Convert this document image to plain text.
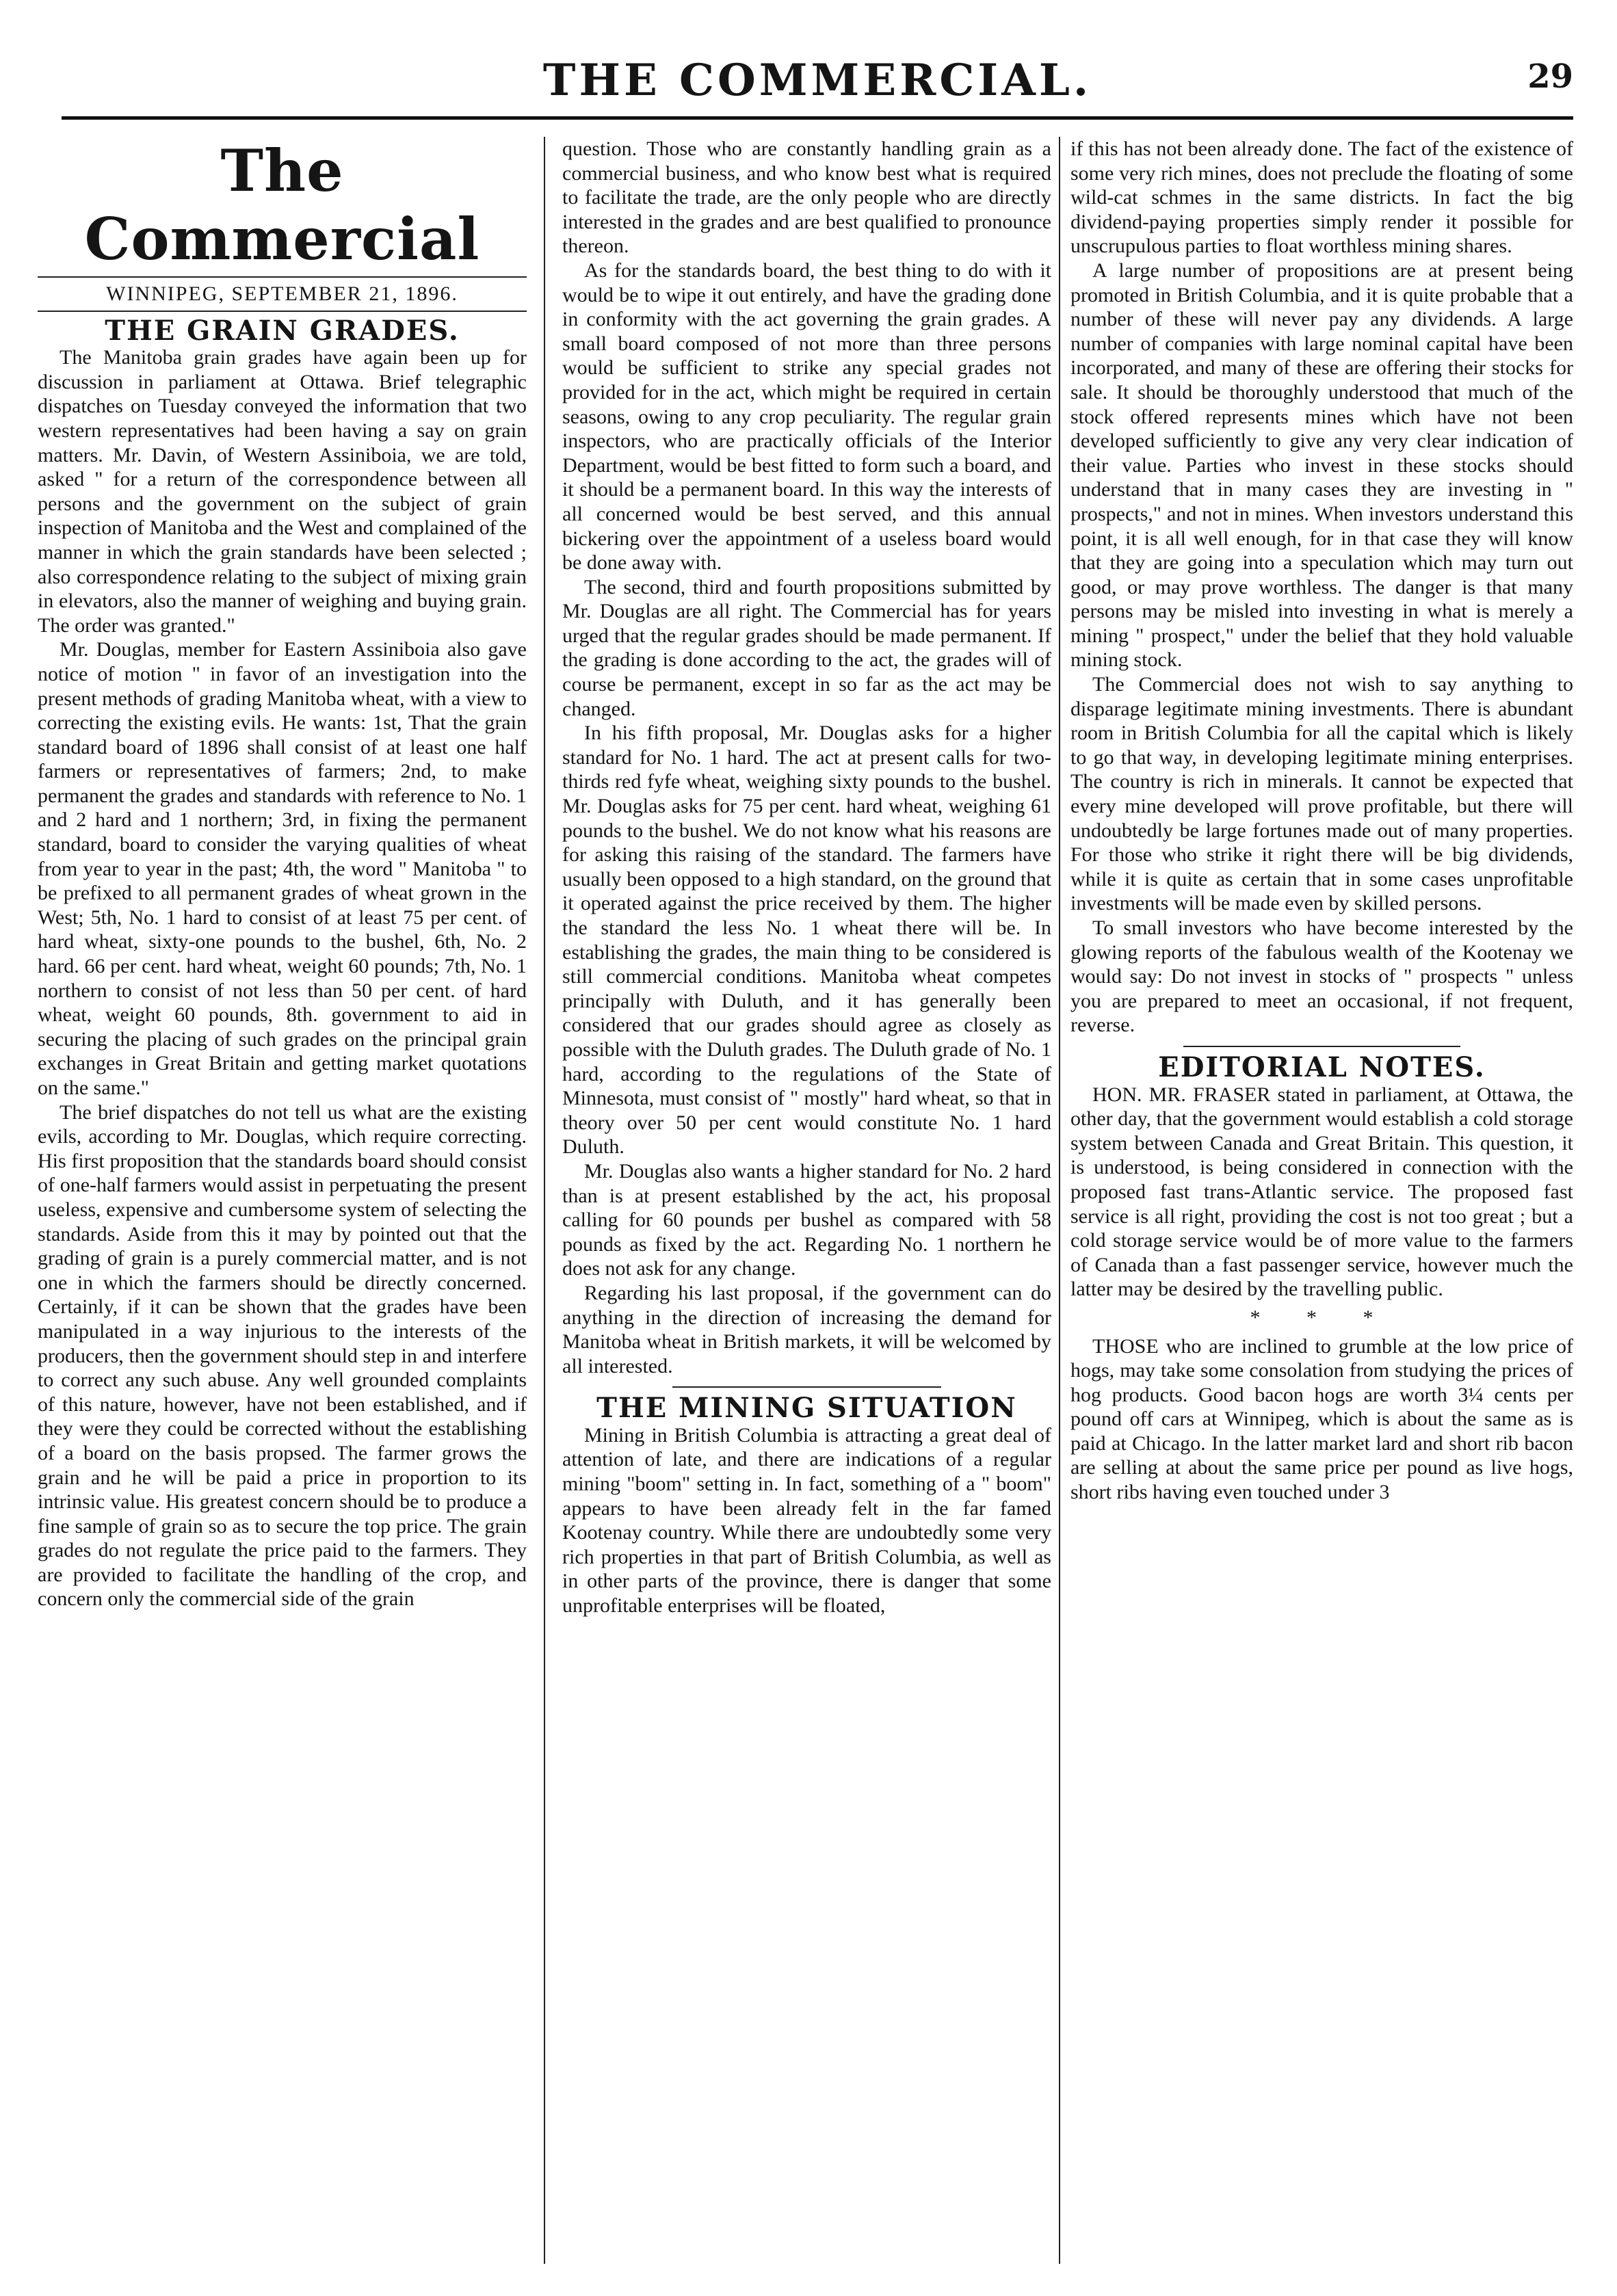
THE COMMERCIAL.	29
The Commercial
WINNIPEG, SEPTEMBER 21, 1896.
THE GRAIN GRADES.

The Manitoba grain grades have again been up for discussion in parliament at Ottawa. Brief telegraphic dispatches on Tuesday conveyed the information that two western representatives had been having a say on grain matters. Mr. Davin, of Western Assiniboia, we are told, asked " for a return of the correspondence between all persons and the government on the subject of grain inspection of Manitoba and the West and complained of the manner in which the grain standards have been selected ; also correspondence relating to the subject of mixing grain in elevators, also the manner of weighing and buying grain. The order was granted."

Mr. Douglas, member for Eastern Assiniboia also gave notice of motion " in favor of an investigation into the present methods of grading Manitoba wheat, with a view to correcting the existing evils. He wants: 1st, That the grain standard board of 1896 shall consist of at least one half farmers or representatives of farmers; 2nd, to make permanent the grades and standards with reference to No. 1 and 2 hard and 1 northern; 3rd, in fixing the permanent standard, board to consider the varying qualities of wheat from year to year in the past; 4th, the word " Manitoba " to be prefixed to all permanent grades of wheat grown in the West; 5th, No. 1 hard to consist of at least 75 per cent. of hard wheat, sixty-one pounds to the bushel, 6th, No. 2 hard. 66 per cent. hard wheat, weight 60 pounds; 7th, No. 1 northern to consist of not less than 50 per cent. of hard wheat, weight 60 pounds, 8th. government to aid in securing the placing of such grades on the principal grain exchanges in Great Britain and getting market quotations on the same."

The brief dispatches do not tell us what are the existing evils, according to Mr. Douglas, which require correcting. His first proposition that the standards board should consist of one-half farmers would assist in perpetuating the present useless, expensive and cumbersome system of selecting the standards. Aside from this it may by pointed out that the grading of grain is a purely commercial matter, and is not one in which the farmers should be directly concerned. Certainly, if it can be shown that the grades have been manipulated in a way injurious to the interests of the producers, then the government should step in and interfere to correct any such abuse. Any well grounded complaints of this nature, however, have not been established, and if they were they could be corrected without the establishing of a board on the basis propsed. The farmer grows the grain and he will be paid a price in proportion to its intrinsic value. His greatest concern should be to produce a fine sample of grain so as to secure the top price. The grain grades do not regulate the price paid to the farmers. They are provided to facilitate the handling of the crop, and concern only the commercial side of the grain

question. Those who are constantly handling grain as a commercial business, and who know best what is required to facilitate the trade, are the only people who are directly interested in the grades and are best qualified to pronounce thereon.

As for the standards board, the best thing to do with it would be to wipe it out entirely, and have the grading done in conformity with the act governing the grain grades. A small board composed of not more than three persons would be sufficient to strike any special grades not provided for in the act, which might be required in certain seasons, owing to any crop peculiarity. The regular grain inspectors, who are practically officials of the Interior Department, would be best fitted to form such a board, and it should be a permanent board. In this way the interests of all concerned would be best served, and this annual bickering over the appointment of a useless board would be done away with.

The second, third and fourth propositions submitted by Mr. Douglas are all right. The Commercial has for years urged that the regular grades should be made permanent. If the grading is done according to the act, the grades will of course be permanent, except in so far as the act may be changed.

In his fifth proposal, Mr. Douglas asks for a higher standard for No. 1 hard. The act at present calls for two-thirds red fyfe wheat, weighing sixty pounds to the bushel. Mr. Douglas asks for 75 per cent. hard wheat, weighing 61 pounds to the bushel. We do not know what his reasons are for asking this raising of the standard. The farmers have usually been opposed to a high standard, on the ground that it operated against the price received by them. The higher the standard the less No. 1 wheat there will be. In establishing the grades, the main thing to be considered is still commercial conditions. Manitoba wheat competes principally with Duluth, and it has generally been considered that our grades should agree as closely as possible with the Duluth grades. The Duluth grade of No. 1 hard, according to the regulations of the State of Minnesota, must consist of " mostly" hard wheat, so that in theory over 50 per cent would constitute No. 1 hard Duluth.

Mr. Douglas also wants a higher standard for No. 2 hard than is at present established by the act, his proposal calling for 60 pounds per bushel as compared with 58 pounds as fixed by the act. Regarding No. 1 northern he does not ask for any change.

Regarding his last proposal, if the government can do anything in the direction of increasing the demand for Manitoba wheat in British markets, it will be welcomed by all interested.

THE MINING SITUATION

Mining in British Columbia is attracting a great deal of attention of late, and there are indications of a regular mining "boom" setting in. In fact, something of a " boom" appears to have been already felt in the far famed Kootenay country. While there are undoubtedly some very rich properties in that part of British Columbia, as well as in other parts of the province, there is danger that some unprofitable enterprises will be floated,

if this has not been already done. The fact of the existence of some very rich mines, does not preclude the floating of some wild-cat schmes in the same districts. In fact the big dividend-paying properties simply render it possible for unscrupulous parties to float worthless mining shares.

A large number of propositions are at present being promoted in British Columbia, and it is quite probable that a number of these will never pay any dividends. A large number of companies with large nominal capital have been incorporated, and many of these are offering their stocks for sale. It should be thoroughly understood that much of the stock offered represents mines which have not been developed sufficiently to give any very clear indication of their value. Parties who invest in these stocks should understand that in many cases they are investing in " prospects," and not in mines. When investors understand this point, it is all well enough, for in that case they will know that they are going into a speculation which may turn out good, or may prove worthless. The danger is that many persons may be misled into investing in what is merely a mining " prospect," under the belief that they hold valuable mining stock.

The Commercial does not wish to say anything to disparage legitimate mining investments. There is abundant room in British Columbia for all the capital which is likely to go that way, in developing legitimate mining enterprises. The country is rich in minerals. It cannot be expected that every mine developed will prove profitable, but there will undoubtedly be large fortunes made out of many properties. For those who strike it right there will be big dividends, while it is quite as certain that in some cases unprofitable investments will be made even by skilled persons.

To small investors who have become interested by the glowing reports of the fabulous wealth of the Kootenay we would say: Do not invest in stocks of " prospects " unless you are prepared to meet an occasional, if not frequent, reverse.

EDITORIAL NOTES.

HON. MR. FRASER stated in parliament, at Ottawa, the other day, that the government would establish a cold storage system between Canada and Great Britain. This question, it is understood, is being considered in connection with the proposed fast trans-Atlantic service. The proposed fast service is all right, providing the cost is not too great ; but a cold storage service would be of more value to the farmers of Canada than a fast passenger service, however much the latter may be desired by the travelling public.

* * *

THOSE who are inclined to grumble at the low price of hogs, may take some consolation from studying the prices of hog products. Good bacon hogs are worth 3¼ cents per pound off cars at Winnipeg, which is about the same as is paid at Chicago. In the latter market lard and short rib bacon are selling at about the same price per pound as live hogs, short ribs having even touched under 3
